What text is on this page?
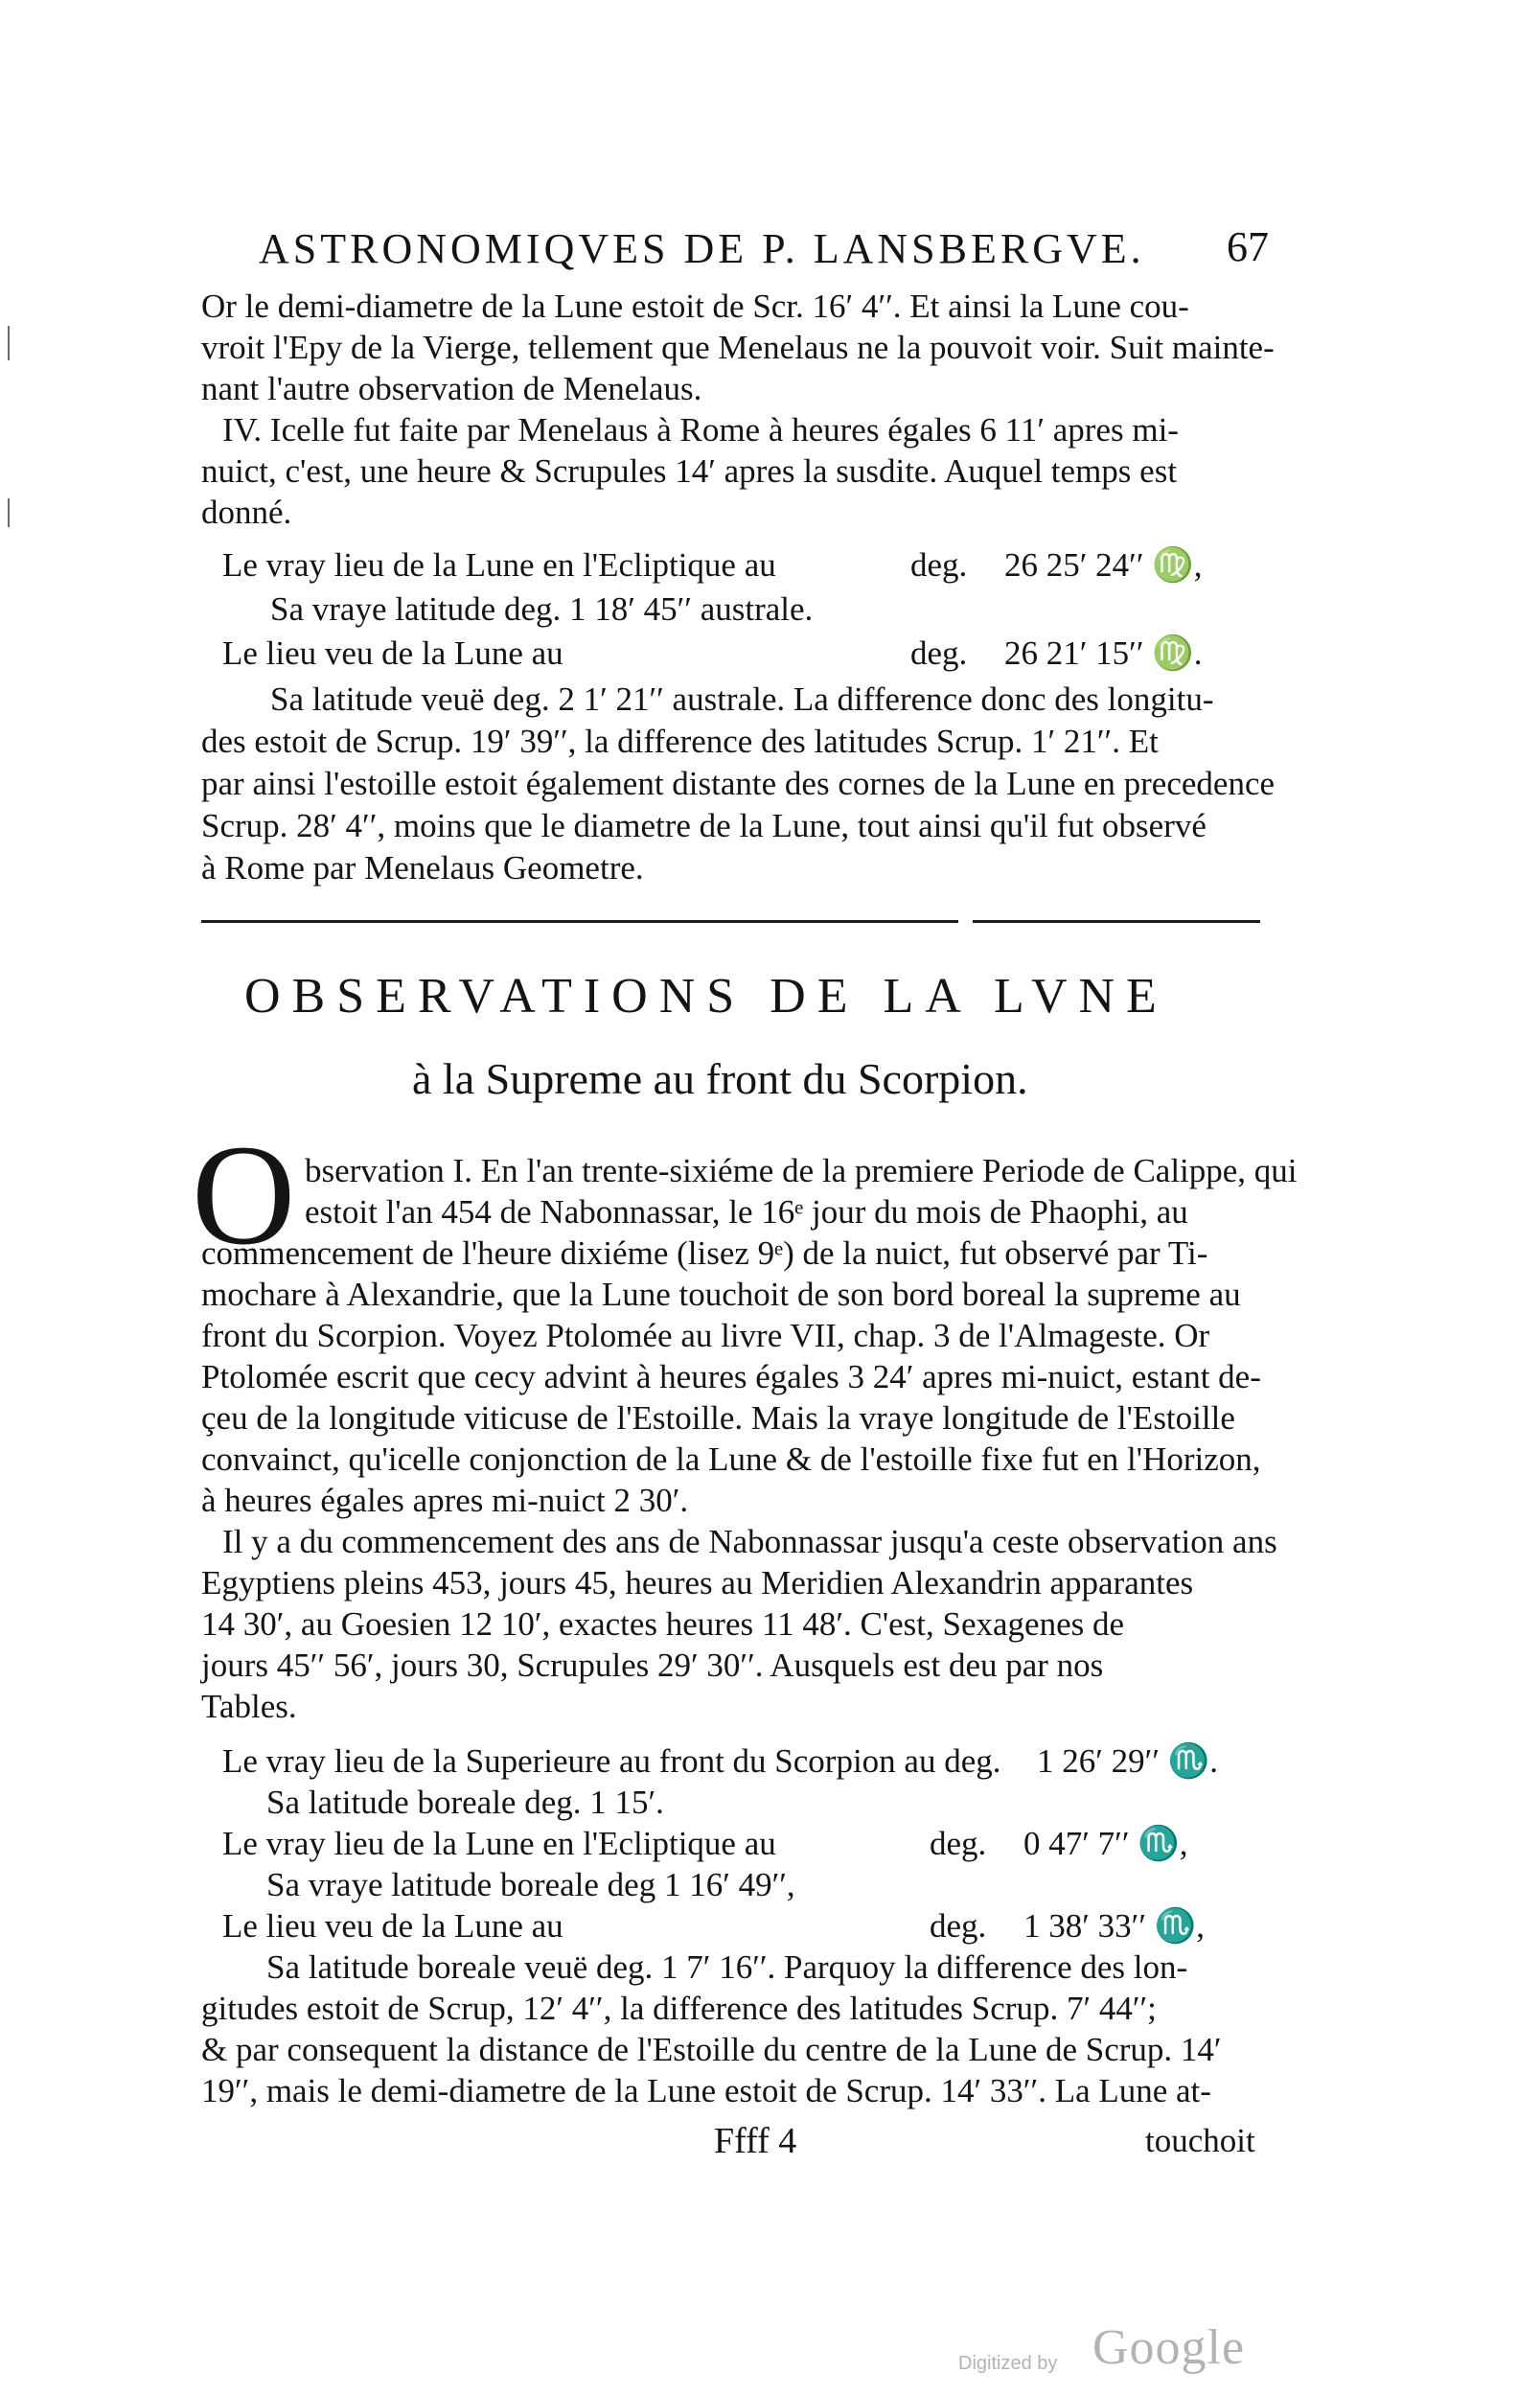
ASTRONOMIQVES DE P. LANSBERGVE. 67
Or le demi-diametre de la Lune estoit de Scr. 16′ 4′′. Et ainsi la Lune cou-
vroit l'Epy de la Vierge, tellement que Menelaus ne la pouvoit voir. Suit mainte-
nant l'autre observation de Menelaus.
IV. Icelle fut faite par Menelaus à Rome à heures égales 6 11′ apres mi-
nuict, c'est, une heure & Scrupules 14′ apres la susdite. Auquel temps est
donné.
Le vray lieu de la Lune en l'Ecliptique au	deg. 26 25′ 24′′ ♍,
Sa vraye latitude deg. 1 18′ 45′′ australe.
Le lieu veu de la Lune au	deg. 26 21′ 15′′ ♍.
Sa latitude veuë deg. 2 1′ 21′′ australe. La difference donc des longitu-
des estoit de Scrup. 19′ 39′′, la difference des latitudes Scrup. 1′ 21′′. Et
par ainsi l'estoille estoit également distante des cornes de la Lune en precedence
Scrup. 28′ 4′′, moins que le diametre de la Lune, tout ainsi qu'il fut observé
à Rome par Menelaus Geometre.
OBSERVATIONS DE LA LVNE
à la Supreme au front du Scorpion.
O bservation I. En l'an trente-sixiéme de la premiere Periode de Calippe, qui
estoit l'an 454 de Nabonnassar, le 16ᵉ jour du mois de Phaophi, au
commencement de l'heure dixiéme (lisez 9ᵉ) de la nuict, fut observé par Ti-
mochare à Alexandrie, que la Lune touchoit de son bord boreal la supreme au
front du Scorpion. Voyez Ptolomée au livre VII, chap. 3 de l'Almageste. Or
Ptolomée escrit que cecy advint à heures égales 3 24′ apres mi-nuict, estant de-
çeu de la longitude viticuse de l'Estoille. Mais la vraye longitude de l'Estoille
convainct, qu'icelle conjonction de la Lune & de l'estoille fixe fut en l'Horizon,
à heures égales apres mi-nuict 2 30′.
Il y a du commencement des ans de Nabonnassar jusqu'a ceste observation ans
Egyptiens pleins 453, jours 45, heures au Meridien Alexandrin apparantes
14 30′, au Goesien 12 10′, exactes heures 11 48′. C'est, Sexagenes de
jours 45′′ 56′, jours 30, Scrupules 29′ 30′′. Ausquels est deu par nos
Tables.
Le vray lieu de la Superieure au front du Scorpion au deg. 1 26′ 29′′ ♏.
Sa latitude boreale deg. 1 15′.
Le vray lieu de la Lune en l'Ecliptique au	deg. 0 47′ 7′′ ♏,
Sa vraye latitude boreale deg 1 16′ 49′′,
Le lieu veu de la Lune au	deg. 1 38′ 33′′ ♏,
Sa latitude boreale veuë deg. 1 7′ 16′′. Parquoy la difference des lon-
gitudes estoit de Scrup, 12′ 4′′, la difference des latitudes Scrup. 7′ 44′′;
& par consequent la distance de l'Estoille du centre de la Lune de Scrup. 14′
19′′, mais le demi-diametre de la Lune estoit de Scrup. 14′ 33′′. La Lune at-
Ffff 4	touchoit
Digitized by Google
